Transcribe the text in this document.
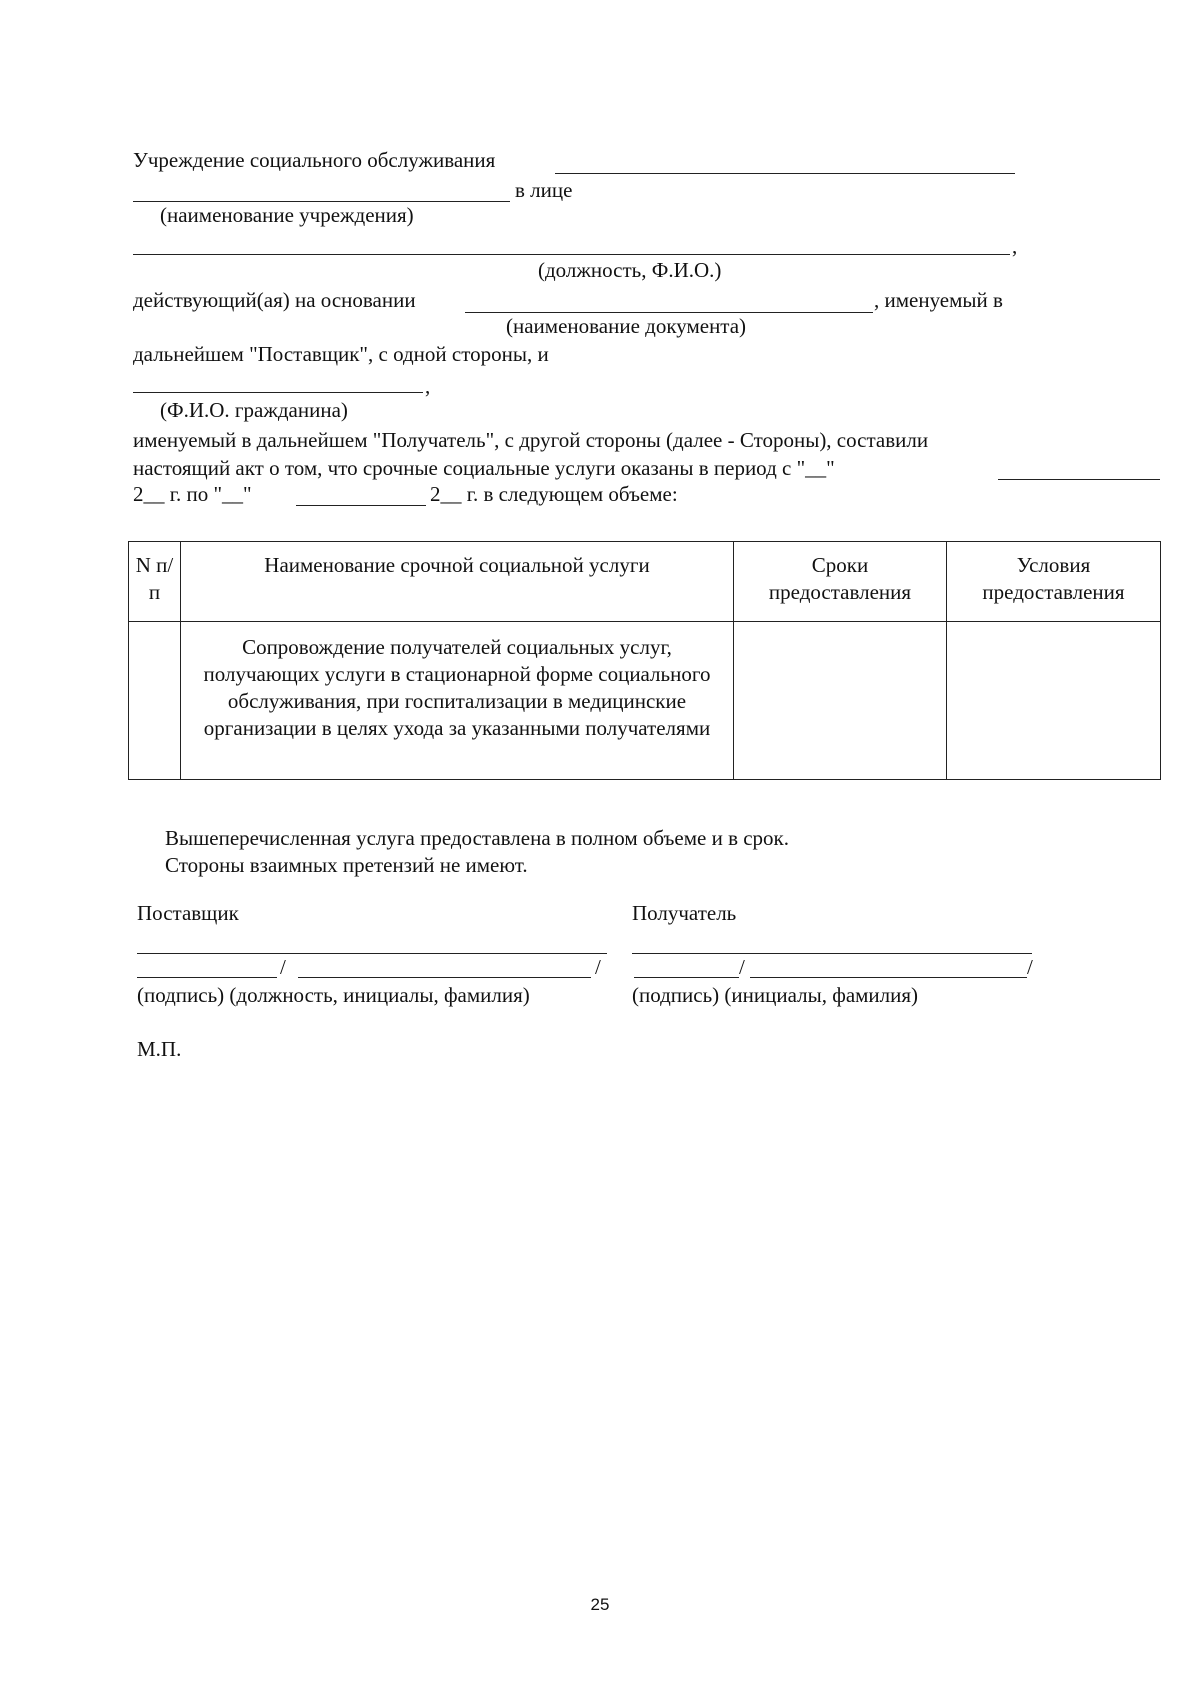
Учреждение социального обслуживания
в лице
(наименование учреждения)
,
(должность, Ф.И.О.)
действующий(ая) на основании	, именуемый в
(наименование документа)
дальнейшем "Поставщик", с одной стороны, и
,
(Ф.И.О. гражданина)
именуемый в дальнейшем "Получатель", с другой стороны (далее - Стороны), составили
настоящий акт о том, что срочные социальные услуги оказаны в период с "__"
2__ г. по "__"	2__ г. в следующем объеме:
N п/п	Наименование срочной социальной услуги	Сроки предоставления	Условия предоставления
	Сопровождение получателей социальных услуг, получающих услуги в стационарной форме социального обслуживания, при госпитализации в медицинские организации в целях ухода за указанными получателями		
Вышеперечисленная услуга предоставлена в полном объеме и в срок.
Стороны взаимных претензий не имеют.
Поставщик	Получатель
/	/	/	/
(подпись) (должность, инициалы, фамилия)	(подпись) (инициалы, фамилия)
М.П.
25
